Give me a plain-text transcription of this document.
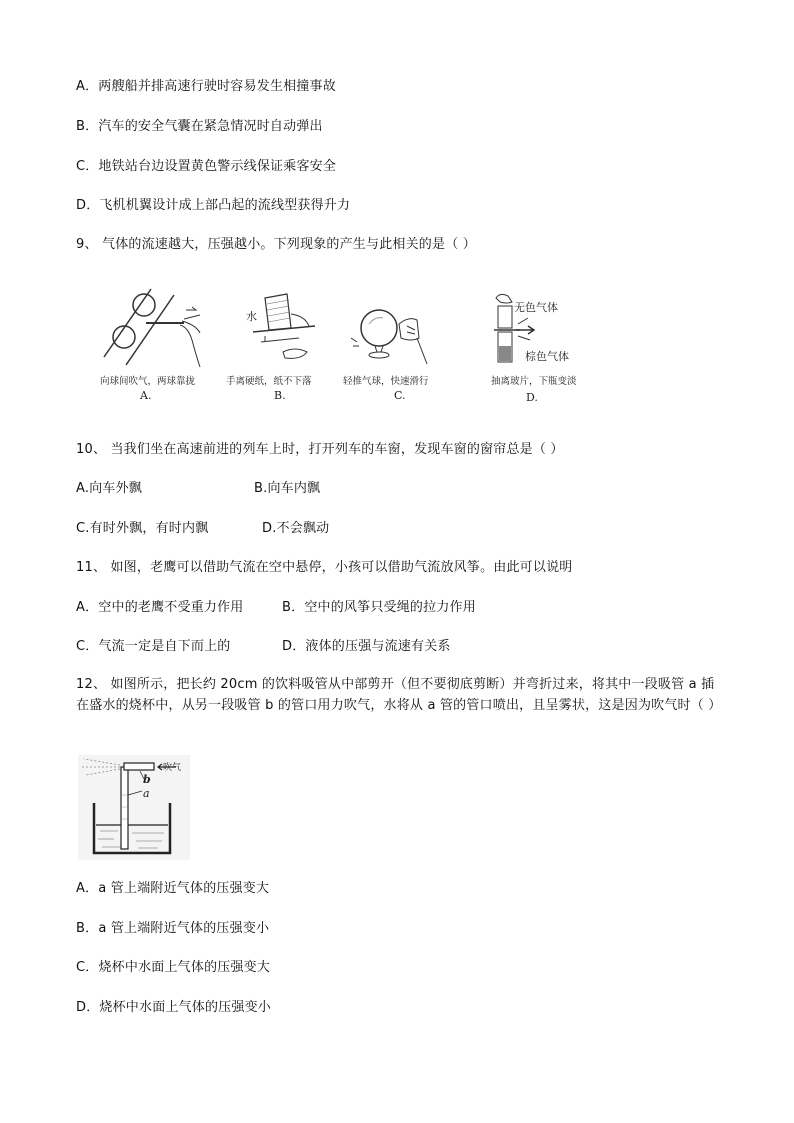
A．两艘船并排高速行驶时容易发生相撞事故
B．汽车的安全气囊在紧急情况时自动弹出
C．地铁站台边设置黄色警示线保证乘客安全
D．飞机机翼设计成上部凸起的流线型获得升力
9、 气体的流速越大，压强越小。下列现象的产生与此相关的是（ ）
水
无色气体
棕色气体
向球间吹气，两球靠拢	手离硬纸，纸不下落	轻推气球，快速滑行	抽离玻片，下瓶变淡
A.	B.	C.	D.
10、 当我们坐在高速前进的列车上时，打开列车的车窗，发现车窗的窗帘总是（ ）
A.向车外飘	B.向车内飘
C.有时外飘，有时内飘	D.不会飘动
11、 如图，老鹰可以借助气流在空中悬停，小孩可以借助气流放风筝。由此可以说明
A．空中的老鹰不受重力作用	B．空中的风筝只受绳的拉力作用
C．气流一定是自下而上的	D．液体的压强与流速有关系
12、 如图所示，把长约 20cm 的饮料吸管从中部剪开（但不要彻底剪断）并弯折过来，将其中一段吸管 a 插在盛水的烧杯中，从另一段吸管 b 的管口用力吹气，水将从 a 管的管口喷出，且呈雾状，这是因为吹气时（ ）
b
a
吹气
A．a 管上端附近气体的压强变大
B．a 管上端附近气体的压强变小
C．烧杯中水面上气体的压强变大
D．烧杯中水面上气体的压强变小
